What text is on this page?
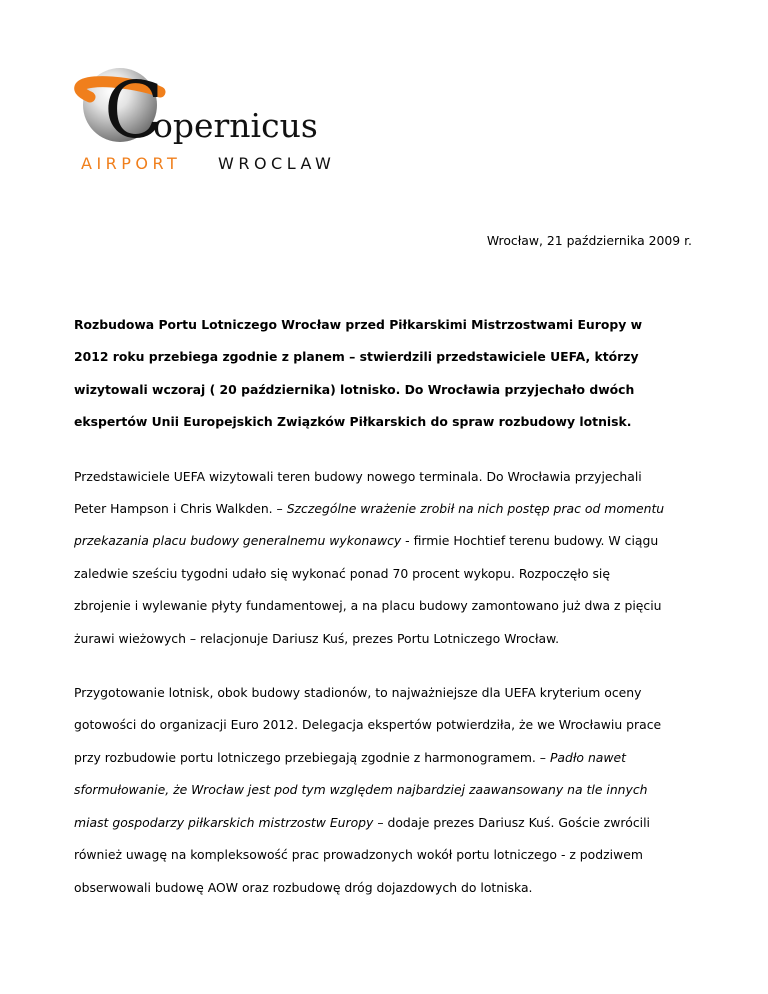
C
opernicus
AIRPORT WROCLAW
Wrocław, 21 października 2009 r.

Rozbudowa Portu Lotniczego Wrocław przed Piłkarskimi Mistrzostwami Europy w
2012 roku przebiega zgodnie z planem – stwierdzili przedstawiciele UEFA, którzy
wizytowali wczoraj ( 20 października) lotnisko. Do Wrocławia przyjechało dwóch
ekspertów Unii Europejskich Związków Piłkarskich do spraw rozbudowy lotnisk.

Przedstawiciele UEFA wizytowali teren budowy nowego terminala. Do Wrocławia przyjechali
Peter Hampson i Chris Walkden. – Szczególne wrażenie zrobił na nich postęp prac od momentu
przekazania placu budowy generalnemu wykonawcy - firmie Hochtief terenu budowy. W ciągu
zaledwie sześciu tygodni udało się wykonać ponad 70 procent wykopu. Rozpoczęło się
zbrojenie i wylewanie płyty fundamentowej, a na placu budowy zamontowano już dwa z pięciu
żurawi wieżowych – relacjonuje Dariusz Kuś, prezes Portu Lotniczego Wrocław.

Przygotowanie lotnisk, obok budowy stadionów, to najważniejsze dla UEFA kryterium oceny
gotowości do organizacji Euro 2012. Delegacja ekspertów potwierdziła, że we Wrocławiu prace
przy rozbudowie portu lotniczego przebiegają zgodnie z harmonogramem. – Padło nawet
sformułowanie, że Wrocław jest pod tym względem najbardziej zaawansowany na tle innych
miast gospodarzy piłkarskich mistrzostw Europy – dodaje prezes Dariusz Kuś. Goście zwrócili
również uwagę na kompleksowość prac prowadzonych wokół portu lotniczego - z podziwem
obserwowali budowę AOW oraz rozbudowę dróg dojazdowych do lotniska.
